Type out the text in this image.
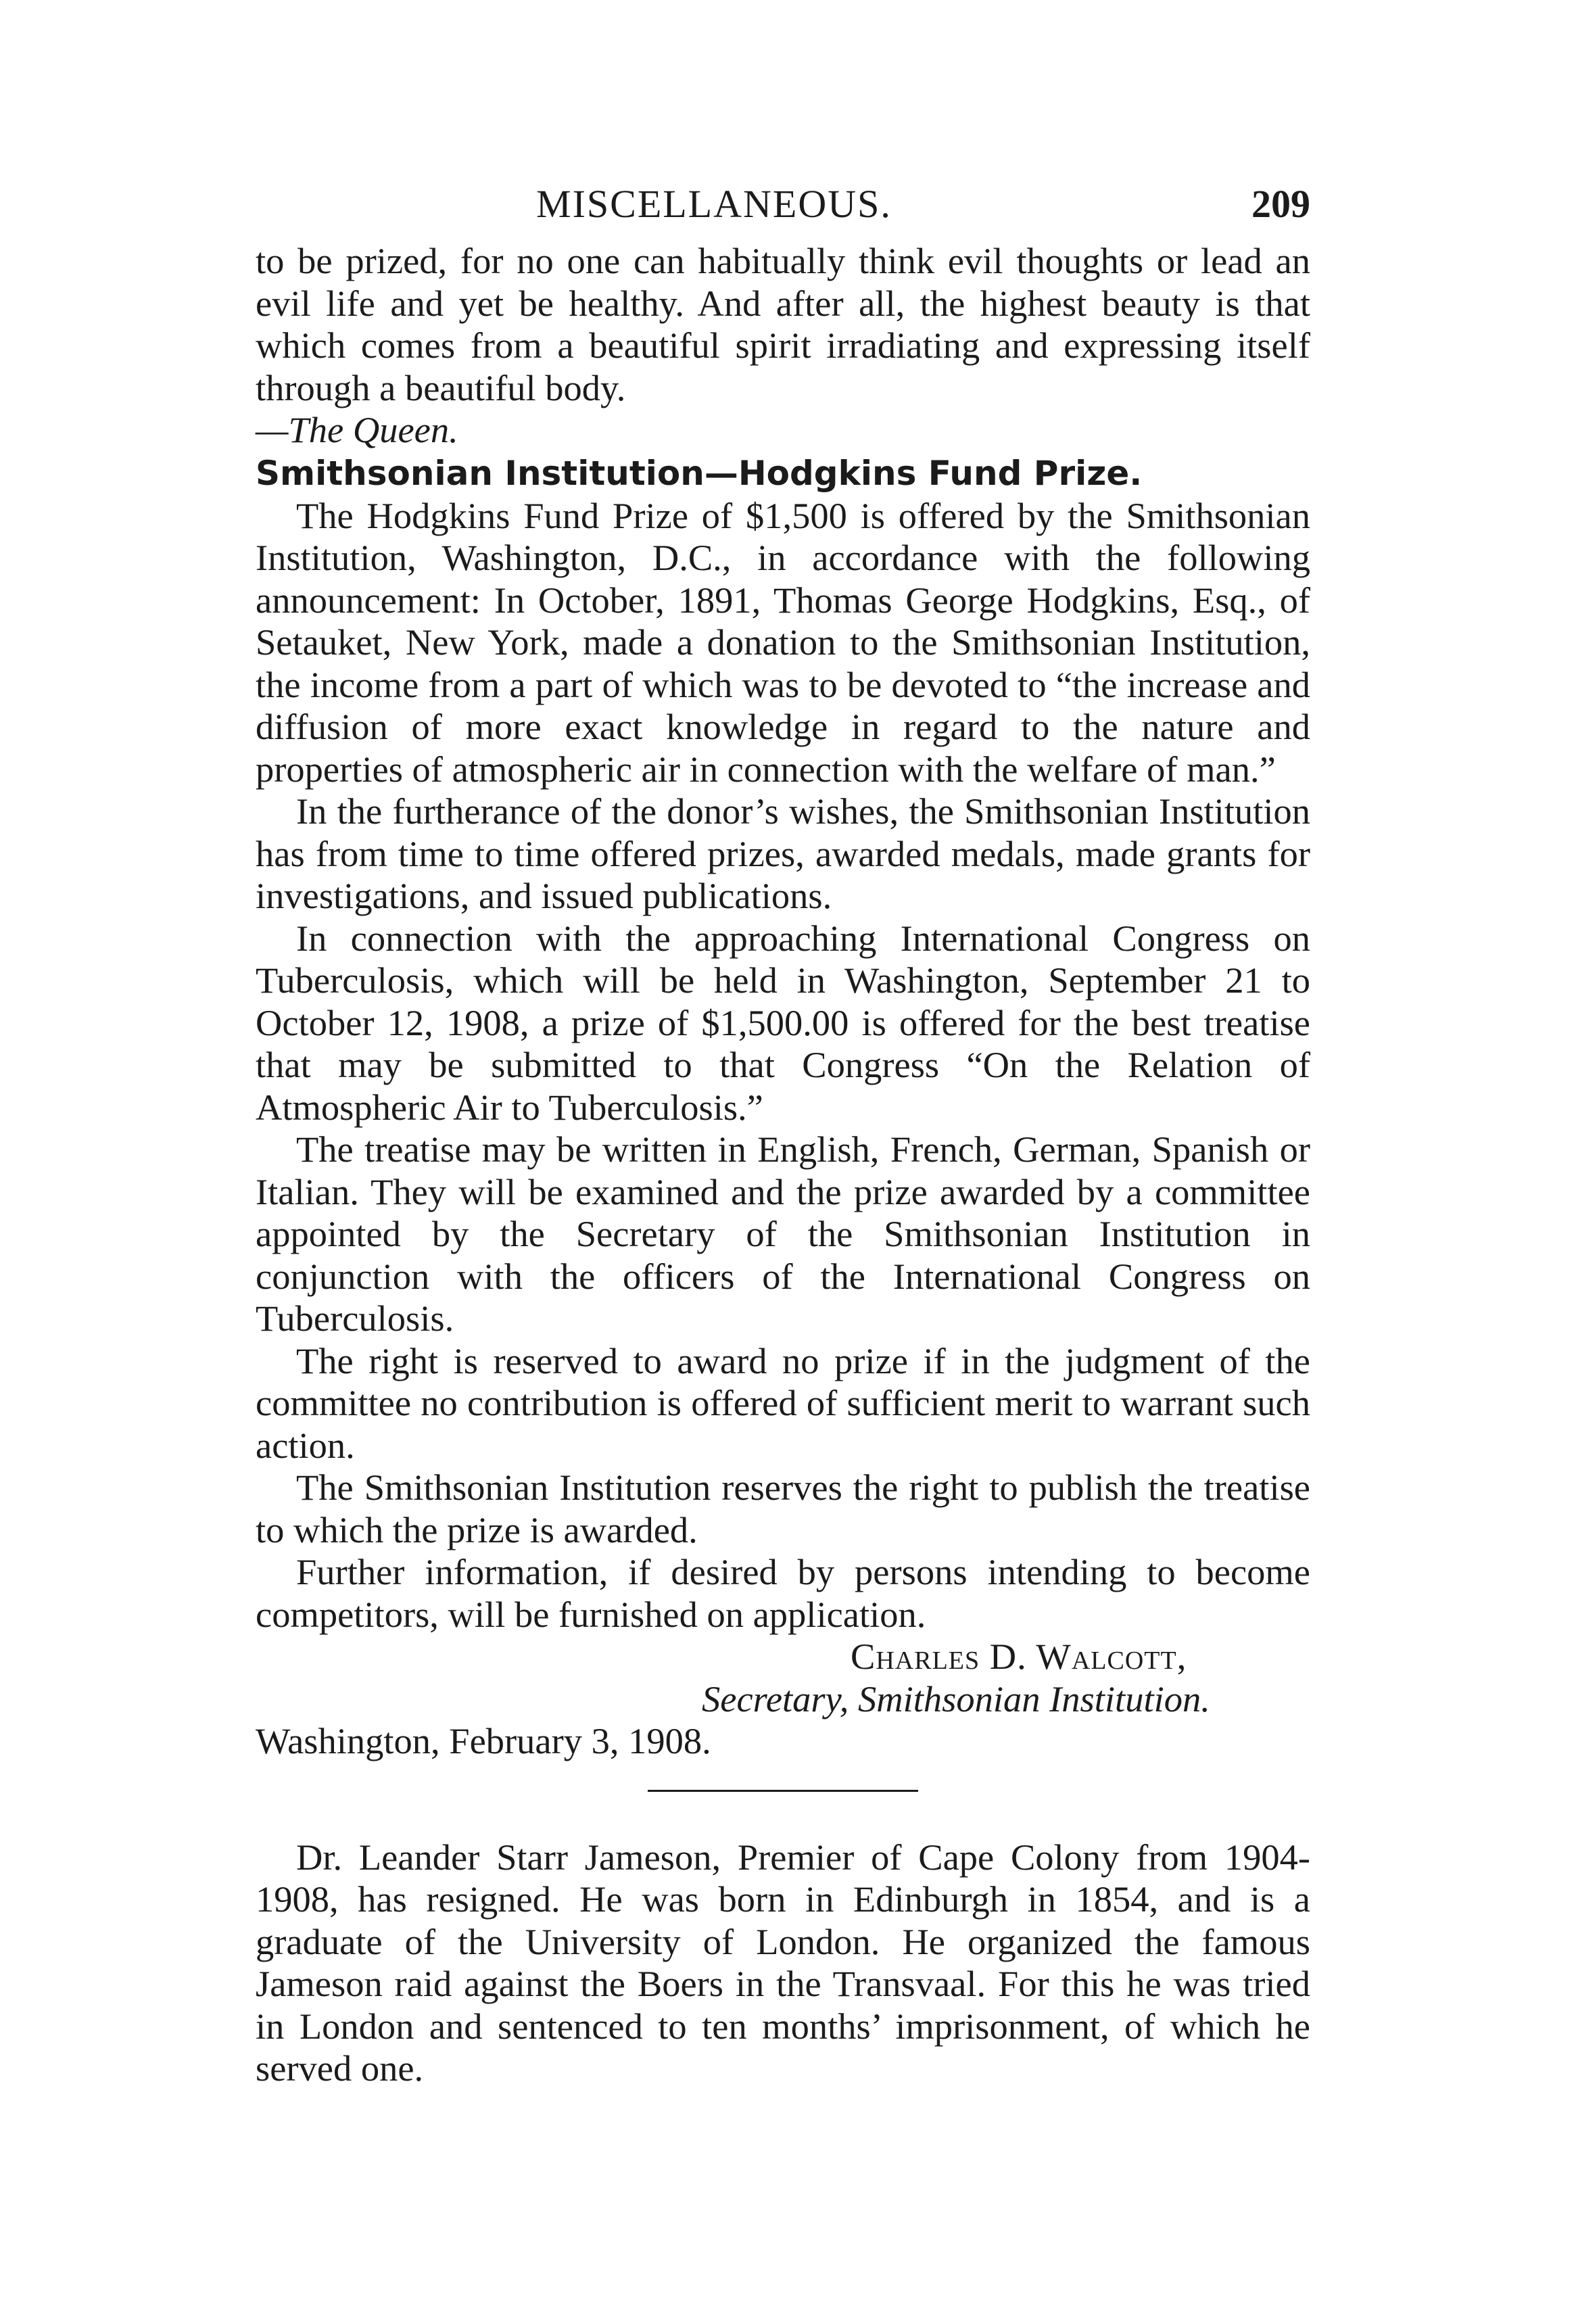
MISCELLANEOUS.	209

to be prized, for no one can habitually think evil thoughts or lead an evil life and yet be healthy. And after all, the highest beauty is that which comes from a beautiful spirit irradiating and expressing itself through a beautiful body.

—The Queen.

Smithsonian Institution—Hodgkins Fund Prize.

The Hodgkins Fund Prize of $1,500 is offered by the Smithsonian Institution, Washington, D.C., in accordance with the following announcement: In October, 1891, Thomas George Hodgkins, Esq., of Setauket, New York, made a donation to the Smithsonian Institution, the income from a part of which was to be devoted to “the increase and diffusion of more exact knowledge in regard to the nature and properties of atmospheric air in connection with the welfare of man.”

In the furtherance of the donor’s wishes, the Smithsonian Institution has from time to time offered prizes, awarded medals, made grants for investigations, and issued publications.

In connection with the approaching International Congress on Tuberculosis, which will be held in Washington, September 21 to October 12, 1908, a prize of $1,500.00 is offered for the best treatise that may be submitted to that Congress “On the Relation of Atmospheric Air to Tuberculosis.”

The treatise may be written in English, French, German, Spanish or Italian. They will be examined and the prize awarded by a committee appointed by the Secretary of the Smithsonian Institution in conjunction with the officers of the International Congress on Tuberculosis.

The right is reserved to award no prize if in the judgment of the committee no contribution is offered of sufficient merit to warrant such action.

The Smithsonian Institution reserves the right to publish the treatise to which the prize is awarded.

Further information, if desired by persons intending to become competitors, will be furnished on application.

Charles D. Walcott,

Secretary, Smithsonian Institution.

Washington, February 3, 1908.

Dr. Leander Starr Jameson, Premier of Cape Colony from 1904-1908, has resigned. He was born in Edinburgh in 1854, and is a graduate of the University of London. He organized the famous Jameson raid against the Boers in the Transvaal. For this he was tried in London and sentenced to ten months’ imprisonment, of which he served one.
